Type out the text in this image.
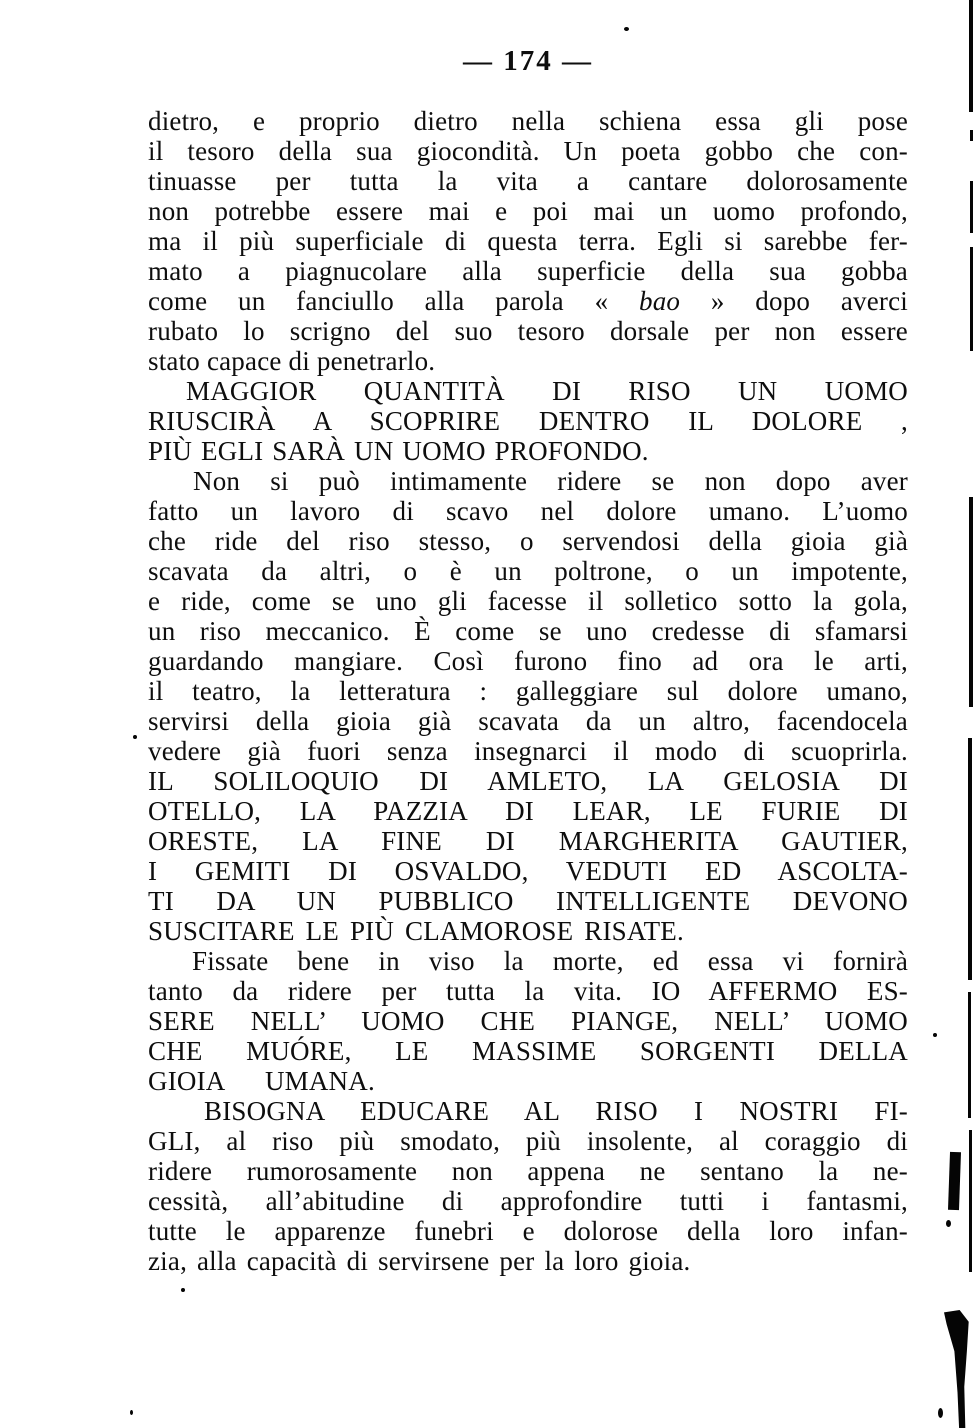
— 174 —
dietro, e proprio dietro nella schiena essa gli pose
il tesoro della sua giocondità. Un poeta gobbo che con-
tinuasse per tutta la vita a cantare dolorosamente
non potrebbe essere mai e poi mai un uomo profondo,
ma il più superficiale di questa terra. Egli si sarebbe fer-
mato a piagnucolare alla superficie della sua gobba
come un fanciullo alla parola « bao » dopo averci
rubato lo scrigno del suo tesoro dorsale per non essere
stato capace di penetrarlo.
MAGGIOR QUANTITÀ DI RISO UN UOMO
RIUSCIRÀ A SCOPRIRE DENTRO IL DOLORE ,
PIÙ EGLI SARÀ UN UOMO PROFONDO.
Non si può intimamente ridere se non dopo aver
fatto un lavoro di scavo nel dolore umano. L’uomo
che ride del riso stesso, o servendosi della gioia già
scavata da altri, o è un poltrone, o un impotente,
e ride, come se uno gli facesse il solletico sotto la gola,
un riso meccanico. È come se uno credesse di sfamarsi
guardando mangiare. Così furono fino ad ora le arti,
il teatro, la letteratura : galleggiare sul dolore umano,
servirsi della gioia già scavata da un altro, facendocela
vedere già fuori senza insegnarci il modo di scuoprirla.
IL SOLILOQUIO DI AMLETO, LA GELOSIA DI
OTELLO, LA PAZZIA DI LEAR, LE FURIE DI
ORESTE, LA FINE DI MARGHERITA GAUTIER,
I GEMITI DI OSVALDO, VEDUTI ED ASCOLTA-
TI DA UN PUBBLICO INTELLIGENTE DEVONO
SUSCITARE LE PIÙ CLAMOROSE RISATE.
Fissate bene in viso la morte, ed essa vi fornirà
tanto da ridere per tutta la vita. IO AFFERMO ES-
SERE NELL’ UOMO CHE PIANGE, NELL’ UOMO
CHE MUÓRE, LE MASSIME SORGENTI DELLA
GIOIA UMANA.
BISOGNA EDUCARE AL RISO I NOSTRI FI-
GLI, al riso più smodato, più insolente, al coraggio di
ridere rumorosamente non appena ne sentano la ne-
cessità, all’abitudine di approfondire tutti i fantasmi,
tutte le apparenze funebri e dolorose della loro infan-
zia, alla capacità di servirsene per la loro gioia.
